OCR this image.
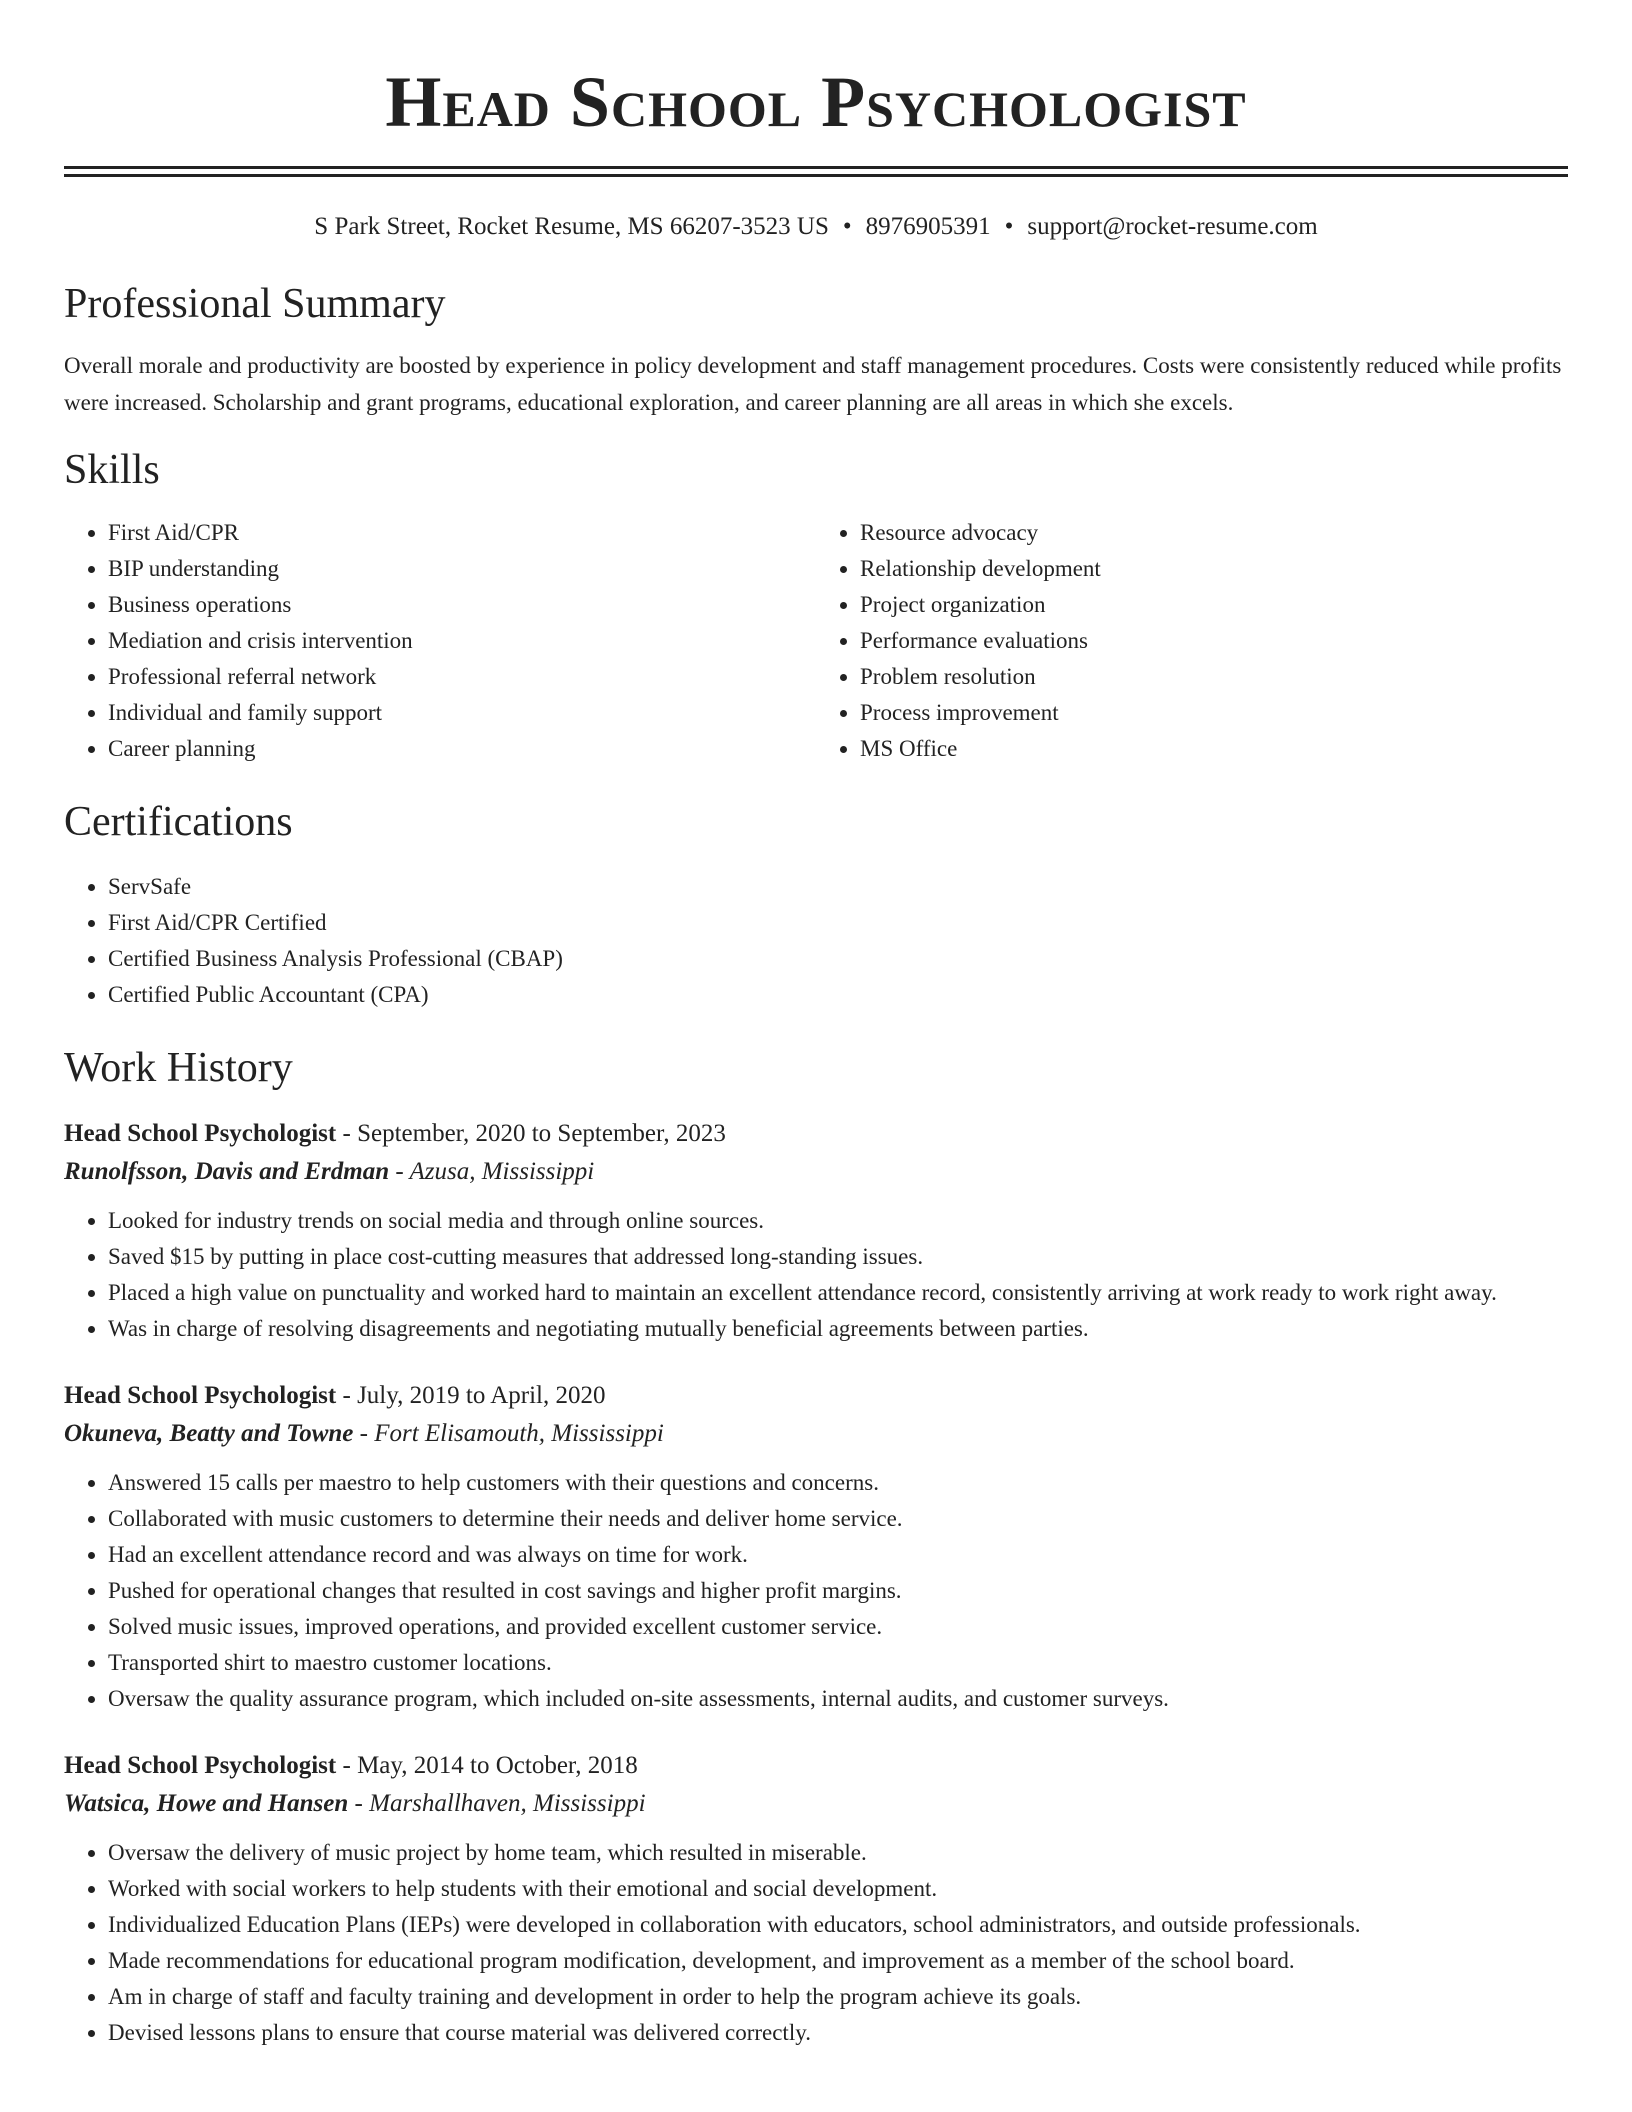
Head School Psychologist
S Park Street, Rocket Resume, MS 66207-3523 US • 8976905391 • support@rocket-resume.com
Professional Summary

Overall morale and productivity are boosted by experience in policy development and staff management procedures. Costs were consistently reduced while profits were increased. Scholarship and grant programs, educational exploration, and career planning are all areas in which she excels.

Skills
• First Aid/CPR
• BIP understanding
• Business operations
• Mediation and crisis intervention
• Professional referral network
• Individual and family support
• Career planning
• Resource advocacy
• Relationship development
• Project organization
• Performance evaluations
• Problem resolution
• Process improvement
• MS Office
Certifications
• ServSafe
• First Aid/CPR Certified
• Certified Business Analysis Professional (CBAP)
• Certified Public Accountant (CPA)
Work History
Head School Psychologist - September, 2020 to September, 2023
Runolfsson, Davis and Erdman - Azusa, Mississippi
• Looked for industry trends on social media and through online sources.
• Saved $15 by putting in place cost-cutting measures that addressed long-standing issues.
• Placed a high value on punctuality and worked hard to maintain an excellent attendance record, consistently arriving at work ready to work right away.
• Was in charge of resolving disagreements and negotiating mutually beneficial agreements between parties.
Head School Psychologist - July, 2019 to April, 2020
Okuneva, Beatty and Towne - Fort Elisamouth, Mississippi
• Answered 15 calls per maestro to help customers with their questions and concerns.
• Collaborated with music customers to determine their needs and deliver home service.
• Had an excellent attendance record and was always on time for work.
• Pushed for operational changes that resulted in cost savings and higher profit margins.
• Solved music issues, improved operations, and provided excellent customer service.
• Transported shirt to maestro customer locations.
• Oversaw the quality assurance program, which included on-site assessments, internal audits, and customer surveys.
Head School Psychologist - May, 2014 to October, 2018
Watsica, Howe and Hansen - Marshallhaven, Mississippi
• Oversaw the delivery of music project by home team, which resulted in miserable.
• Worked with social workers to help students with their emotional and social development.
• Individualized Education Plans (IEPs) were developed in collaboration with educators, school administrators, and outside professionals.
• Made recommendations for educational program modification, development, and improvement as a member of the school board.
• Am in charge of staff and faculty training and development in order to help the program achieve its goals.
• Devised lessons plans to ensure that course material was delivered correctly.
